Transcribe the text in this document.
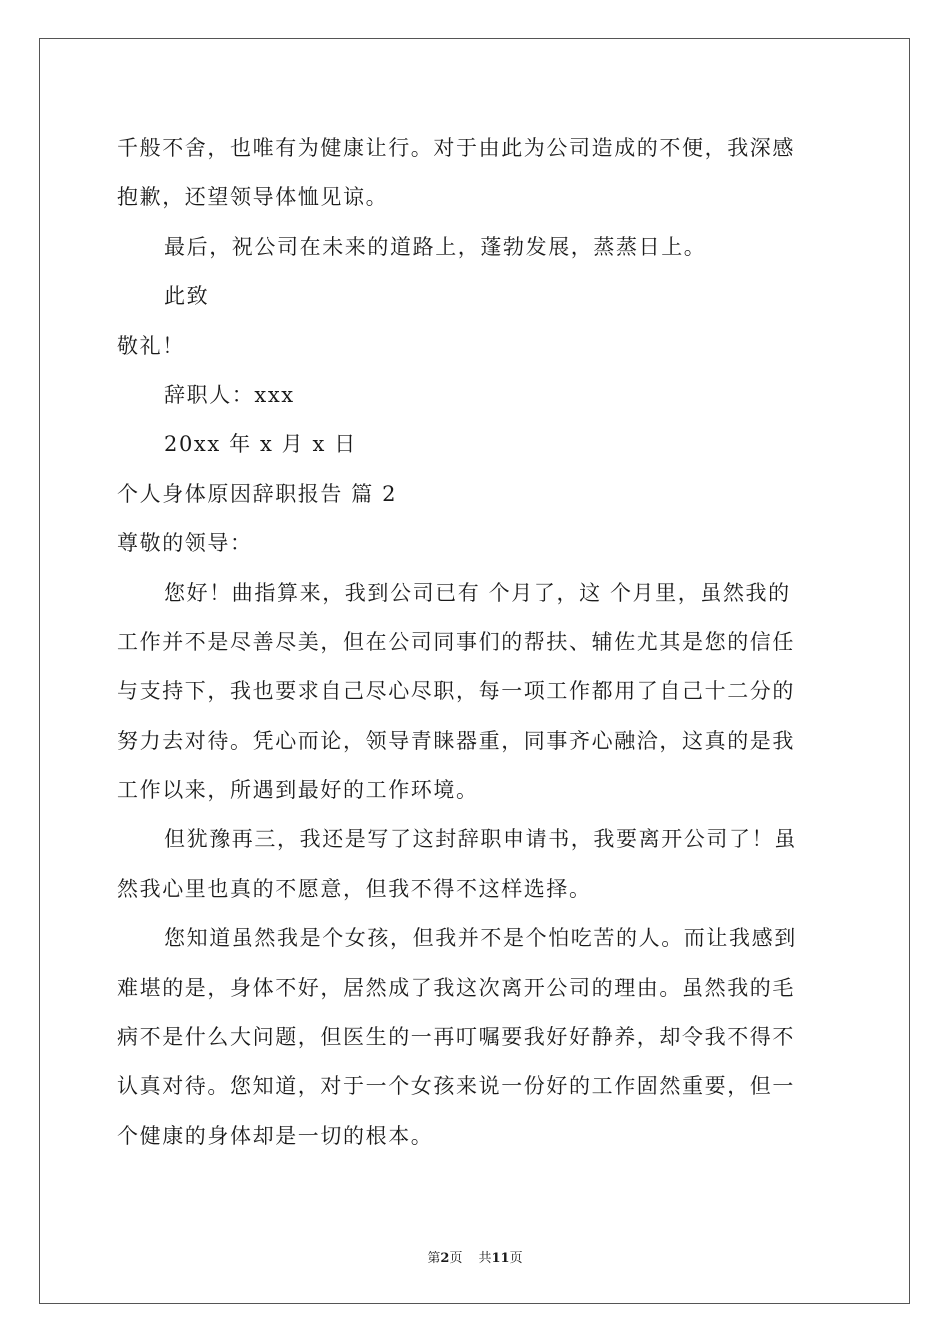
千般不舍，也唯有为健康让行。对于由此为公司造成的不便，我深感
抱歉，还望领导体恤见谅。
最后，祝公司在未来的道路上，蓬勃发展，蒸蒸日上。
此致
敬礼！
辞职人：xxx
20xx 年 x 月 x 日
个人身体原因辞职报告 篇 2
尊敬的领导：
您好！曲指算来，我到公司已有 个月了，这 个月里，虽然我的
工作并不是尽善尽美，但在公司同事们的帮扶、辅佐尤其是您的信任
与支持下，我也要求自己尽心尽职，每一项工作都用了自己十二分的
努力去对待。凭心而论，领导青睐器重，同事齐心融洽，这真的是我
工作以来，所遇到最好的工作环境。
但犹豫再三，我还是写了这封辞职申请书，我要离开公司了！虽
然我心里也真的不愿意，但我不得不这样选择。
您知道虽然我是个女孩，但我并不是个怕吃苦的人。而让我感到
难堪的是，身体不好，居然成了我这次离开公司的理由。虽然我的毛
病不是什么大问题，但医生的一再叮嘱要我好好静养，却令我不得不
认真对待。您知道，对于一个女孩来说一份好的工作固然重要，但一
个健康的身体却是一切的根本。
第2页 共11页
